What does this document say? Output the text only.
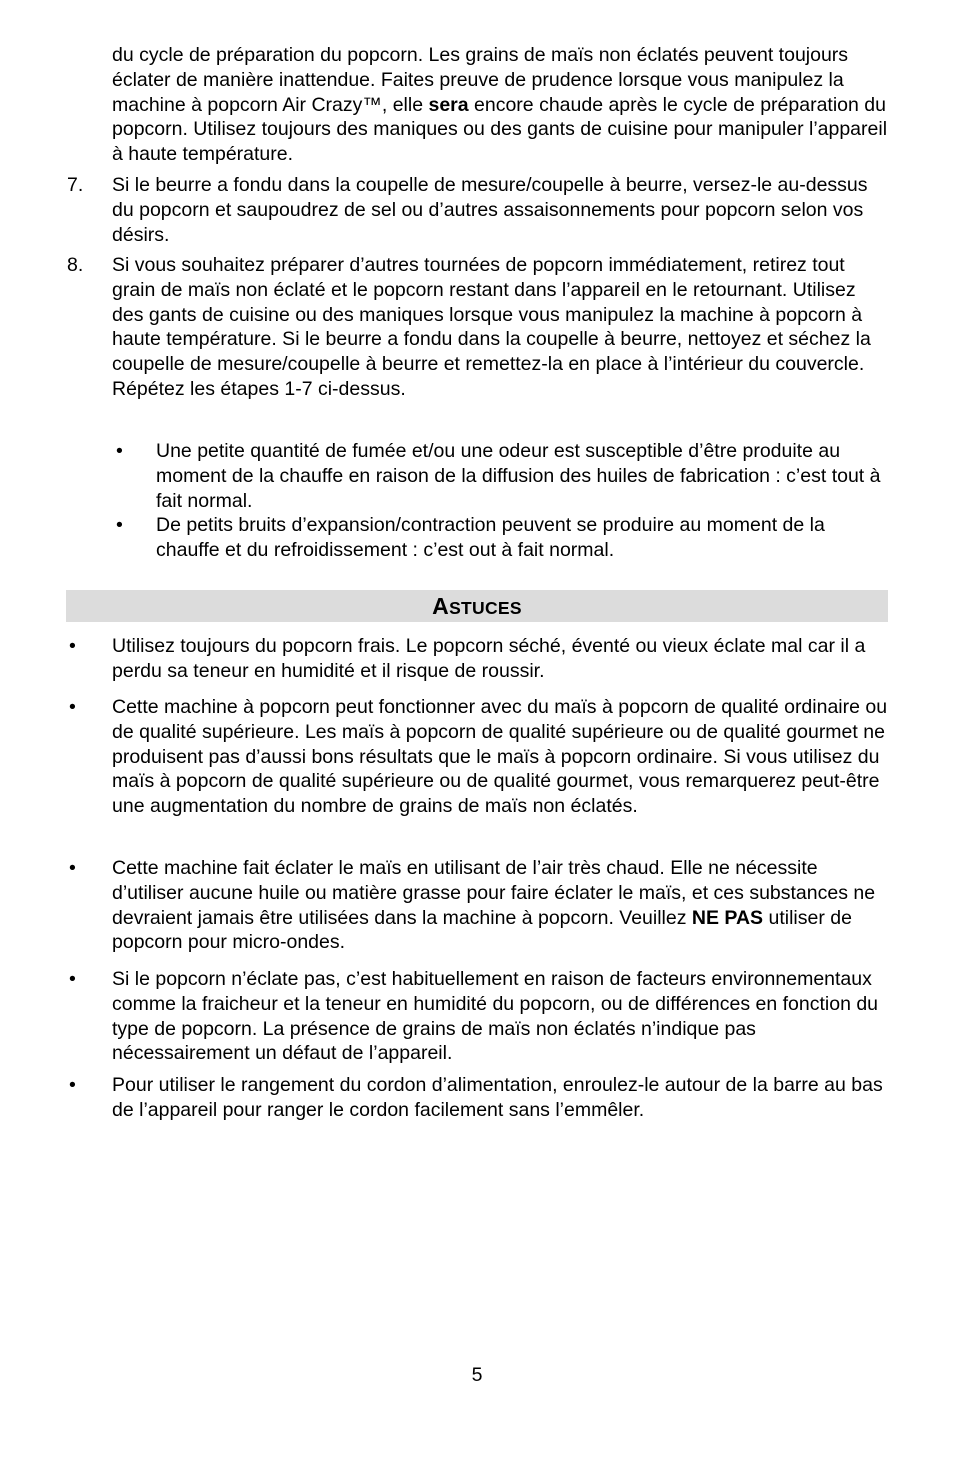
du cycle de préparation du popcorn. Les grains de maïs non éclatés peuvent toujours éclater de manière inattendue. Faites preuve de prudence lorsque vous manipulez la machine à popcorn Air Crazy™, elle sera encore chaude après le cycle de préparation du popcorn. Utilisez toujours des maniques ou des gants de cuisine pour manipuler l’appareil à haute température.

7.	Si le beurre a fondu dans la coupelle de mesure/coupelle à beurre, versez-le au-dessus du popcorn et saupoudrez de sel ou d’autres assaisonnements pour popcorn selon vos désirs.

8.	Si vous souhaitez préparer d’autres tournées de popcorn immédiatement, retirez tout grain de maïs non éclaté et le popcorn restant dans l’appareil en le retournant. Utilisez des gants de cuisine ou des maniques lorsque vous manipulez la machine à popcorn à haute température. Si le beurre a fondu dans la coupelle à beurre, nettoyez et séchez la coupelle de mesure/coupelle à beurre et remettez-la en place à l’intérieur du couvercle. Répétez les étapes 1-7 ci-dessus.

• Une petite quantité de fumée et/ou une odeur est susceptible d’être produite au moment de la chauffe en raison de la diffusion des huiles de fabrication : c’est tout à fait normal.
• De petits bruits d’expansion/contraction peuvent se produire au moment de la chauffe et du refroidissement : c’est out à fait normal.
ASTUCES
• Utilisez toujours du popcorn frais. Le popcorn séché, éventé ou vieux éclate mal car il a perdu sa teneur en humidité et il risque de roussir.

• Cette machine à popcorn peut fonctionner avec du maïs à popcorn de qualité ordinaire ou de qualité supérieure. Les maïs à popcorn de qualité supérieure ou de qualité gourmet ne produisent pas d’aussi bons résultats que le maïs à popcorn ordinaire. Si vous utilisez du maïs à popcorn de qualité supérieure ou de qualité gourmet, vous remarquerez peut-être une augmentation du nombre de grains de maïs non éclatés.

• Cette machine fait éclater le maïs en utilisant de l’air très chaud. Elle ne nécessite d’utiliser aucune huile ou matière grasse pour faire éclater le maïs, et ces substances ne devraient jamais être utilisées dans la machine à popcorn. Veuillez NE PAS utiliser de popcorn pour micro-ondes.

• Si le popcorn n’éclate pas, c’est habituellement en raison de facteurs environnementaux comme la fraicheur et la teneur en humidité du popcorn, ou de différences en fonction du type de popcorn. La présence de grains de maïs non éclatés n’indique pas nécessairement un défaut de l’appareil.

• Pour utiliser le rangement du cordon d’alimentation, enroulez-le autour de la barre au bas de l’appareil pour ranger le cordon facilement sans l’emmêler.

5
